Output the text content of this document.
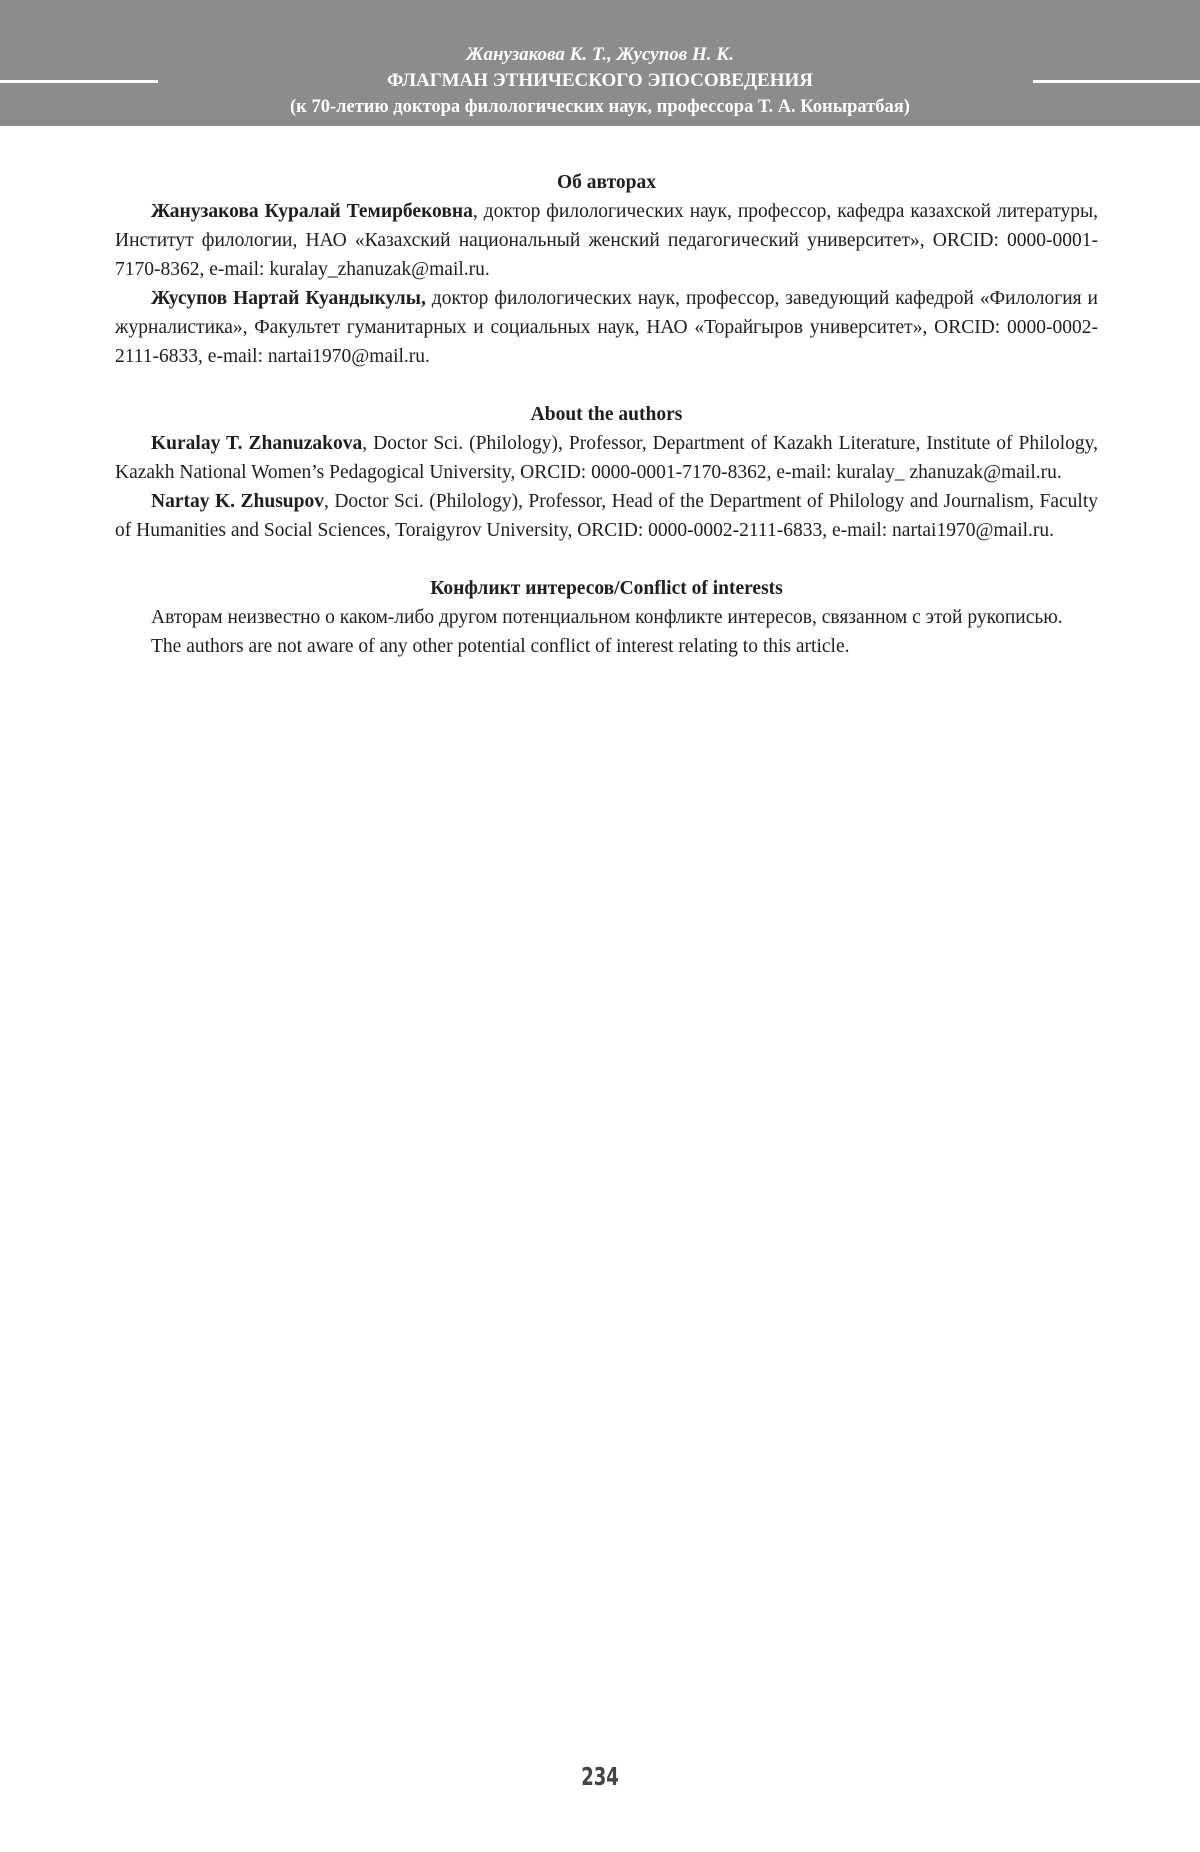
Жанузакова К. Т., Жусупов Н. К.
ФЛАГМАН ЭТНИЧЕСКОГО ЭПОСОВЕДЕНИЯ
(к 70-летию доктора филологических наук, профессора Т. А. Коныратбая)
Об авторах

Жанузакова Куралай Темирбековна, доктор филологических наук, профессор, кафедра казахской литературы, Институт филологии, НАО «Казахский национальный женский педагогический университет», ORCID: 0000-0001-7170-8362, e-mail: kuralay_zhanuzak@mail.ru.

Жусупов Нартай Куандыкулы, доктор филологических наук, профессор, заведующий кафедрой «Филология и журналистика», Факультет гуманитарных и социальных наук, НАО «Торайгыров университет», ORCID: 0000-0002-2111-6833, e-mail: nartai1970@mail.ru.

About the authors

Kuralay T. Zhanuzakova, Doctor Sci. (Philology), Professor, Department of Kazakh Literature, Institute of Philology, Kazakh National Women’s Pedagogical University, ORCID: 0000-0001-7170-8362, e-mail: kuralay_ zhanuzak@mail.ru.

Nartay K. Zhusupov, Doctor Sci. (Philology), Professor, Head of the Department of Philology and Journalism, Faculty of Humanities and Social Sciences, Toraigyrov University, ORCID: 0000-0002-2111-6833, e-mail: nartai1970@mail.ru.

Конфликт интересов/Conflict of interests

Авторам неизвестно о каком-либо другом потенциальном конфликте интересов, связанном с этой рукописью.

The authors are not aware of any other potential conflict of interest relating to this article.

234
